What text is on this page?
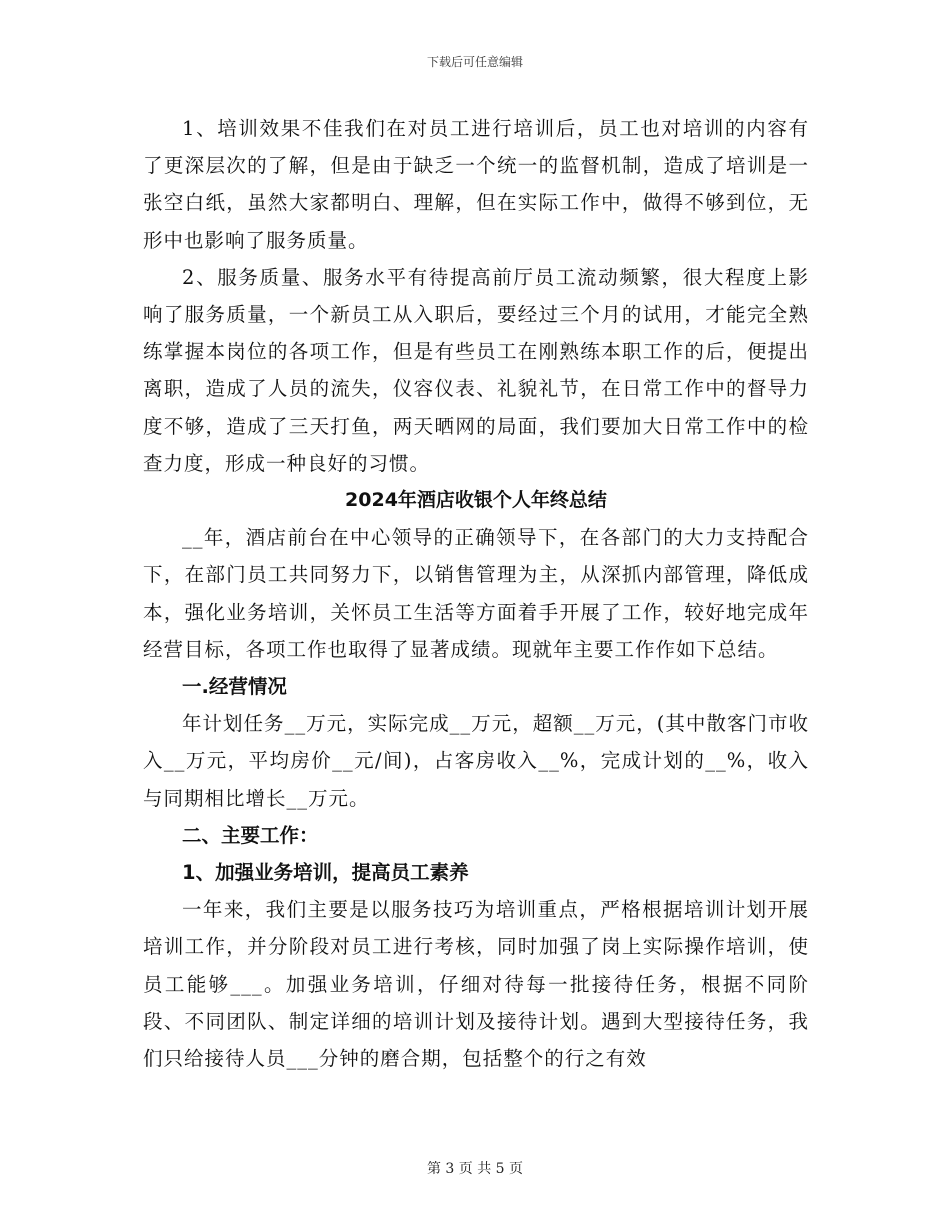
下载后可任意编辑

1、培训效果不佳我们在对员工进行培训后，员工也对培训的内容有了更深层次的了解，但是由于缺乏一个统一的监督机制，造成了培训是一张空白纸，虽然大家都明白、理解，但在实际工作中，做得不够到位，无形中也影响了服务质量。

2、服务质量、服务水平有待提高前厅员工流动频繁，很大程度上影响了服务质量，一个新员工从入职后，要经过三个月的试用，才能完全熟练掌握本岗位的各项工作，但是有些员工在刚熟练本职工作的后，便提出离职，造成了人员的流失，仪容仪表、礼貌礼节，在日常工作中的督导力度不够，造成了三天打鱼，两天晒网的局面，我们要加大日常工作中的检查力度，形成一种良好的习惯。

2024年酒店收银个人年终总结

__年，酒店前台在中心领导的正确领导下，在各部门的大力支持配合下，在部门员工共同努力下，以销售管理为主，从深抓内部管理，降低成本，强化业务培训，关怀员工生活等方面着手开展了工作，较好地完成年经营目标，各项工作也取得了显著成绩。现就年主要工作作如下总结。

一.经营情况

年计划任务__万元，实际完成__万元，超额__万元，(其中散客门市收入__万元，平均房价__元/间)，占客房收入__%，完成计划的__%，收入与同期相比增长__万元。

二、主要工作：

1、加强业务培训，提高员工素养

一年来，我们主要是以服务技巧为培训重点，严格根据培训计划开展培训工作，并分阶段对员工进行考核，同时加强了岗上实际操作培训，使员工能够___。加强业务培训，仔细对待每一批接待任务，根据不同阶段、不同团队、制定详细的培训计划及接待计划。遇到大型接待任务，我们只给接待人员___分钟的磨合期，包括整个的行之有效

第 3 页 共 5 页
